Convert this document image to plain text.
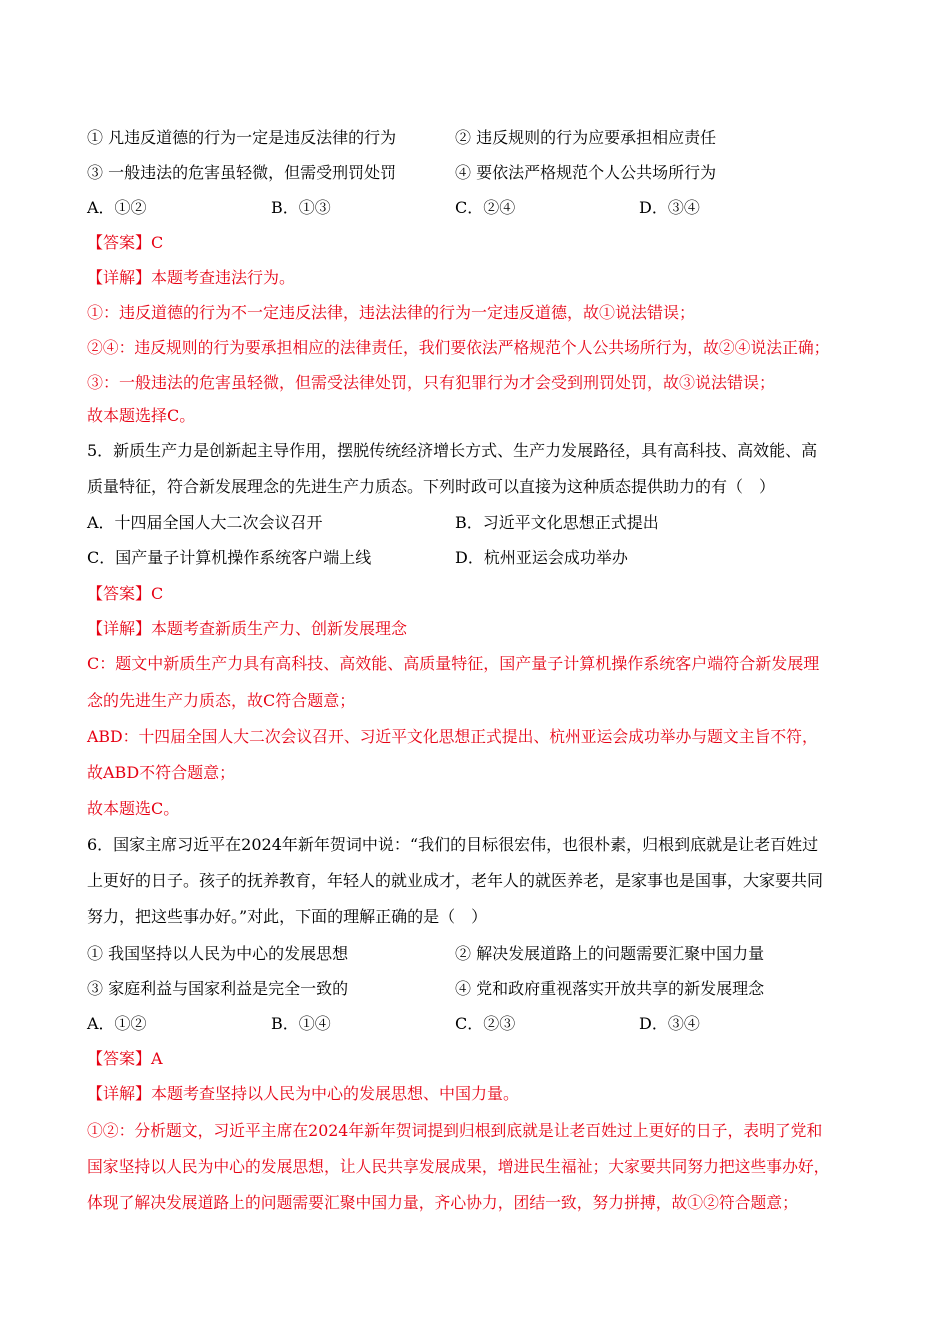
① 凡违反道德的行为一定是违反法律的行为	② 违反规则的行为应要承担相应责任
③ 一般违法的危害虽轻微，但需受刑罚处罚	④ 要依法严格规范个人公共场所行为
A．①②	B．①③	C．②④	D．③④
【答案】C
【详解】本题考查违法行为。
①：违反道德的行为不一定违反法律，违法法律的行为一定违反道德，故①说法错误；
②④：违反规则的行为要承担相应的法律责任，我们要依法严格规范个人公共场所行为，故②④说法正确；
③：一般违法的危害虽轻微，但需受法律处罚，只有犯罪行为才会受到刑罚处罚，故③说法错误；
故本题选择C。
5．新质生产力是创新起主导作用，摆脱传统经济增长方式、生产力发展路径，具有高科技、高效能、高
质量特征，符合新发展理念的先进生产力质态。下列时政可以直接为这种质态提供助力的有（　）
A．十四届全国人大二次会议召开	B．习近平文化思想正式提出
C．国产量子计算机操作系统客户端上线	D．杭州亚运会成功举办
【答案】C
【详解】本题考查新质生产力、创新发展理念
C：题文中新质生产力具有高科技、高效能、高质量特征，国产量子计算机操作系统客户端符合新发展理
念的先进生产力质态，故C符合题意；
ABD：十四届全国人大二次会议召开、习近平文化思想正式提出、杭州亚运会成功举办与题文主旨不符，
故ABD不符合题意；
故本题选C。
6．国家主席习近平在2024年新年贺词中说：“我们的目标很宏伟，也很朴素，归根到底就是让老百姓过
上更好的日子。孩子的抚养教育，年轻人的就业成才，老年人的就医养老，是家事也是国事，大家要共同
努力，把这些事办好。”对此，下面的理解正确的是（　）
① 我国坚持以人民为中心的发展思想	② 解决发展道路上的问题需要汇聚中国力量
③ 家庭利益与国家利益是完全一致的	④ 党和政府重视落实开放共享的新发展理念
A．①②	B．①④	C．②③	D．③④
【答案】A
【详解】本题考查坚持以人民为中心的发展思想、中国力量。
①②：分析题文，习近平主席在2024年新年贺词提到归根到底就是让老百姓过上更好的日子，表明了党和
国家坚持以人民为中心的发展思想，让人民共享发展成果，增进民生福祉；大家要共同努力把这些事办好，
体现了解决发展道路上的问题需要汇聚中国力量，齐心协力，团结一致，努力拼搏，故①②符合题意；
